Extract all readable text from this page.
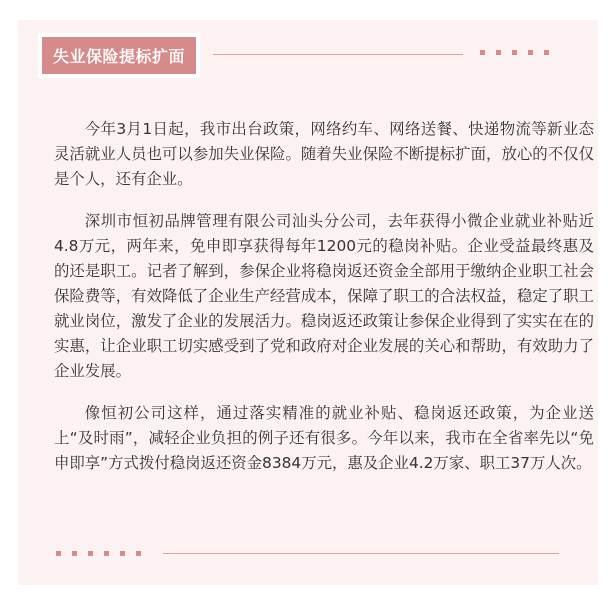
失业保险提标扩面

今年3月1日起，我市出台政策，网络约车、网络送餐、快递物流等新业态灵活就业人员也可以参加失业保险。随着失业保险不断提标扩面，放心的不仅仅是个人，还有企业。

深圳市恒初品牌管理有限公司汕头分公司，去年获得小微企业就业补贴近4.8万元，两年来，免申即享获得每年1200元的稳岗补贴。企业受益最终惠及的还是职工。记者了解到，参保企业将稳岗返还资金全部用于缴纳企业职工社会保险费等，有效降低了企业生产经营成本，保障了职工的合法权益，稳定了职工就业岗位，激发了企业的发展活力。稳岗返还政策让参保企业得到了实实在在的实惠，让企业职工切实感受到了党和政府对企业发展的关心和帮助，有效助力了企业发展。

像恒初公司这样，通过落实精准的就业补贴、稳岗返还政策，为企业送上“及时雨”，减轻企业负担的例子还有很多。今年以来，我市在全省率先以“免申即享”方式拨付稳岗返还资金8384万元，惠及企业4.2万家、职工37万人次。
